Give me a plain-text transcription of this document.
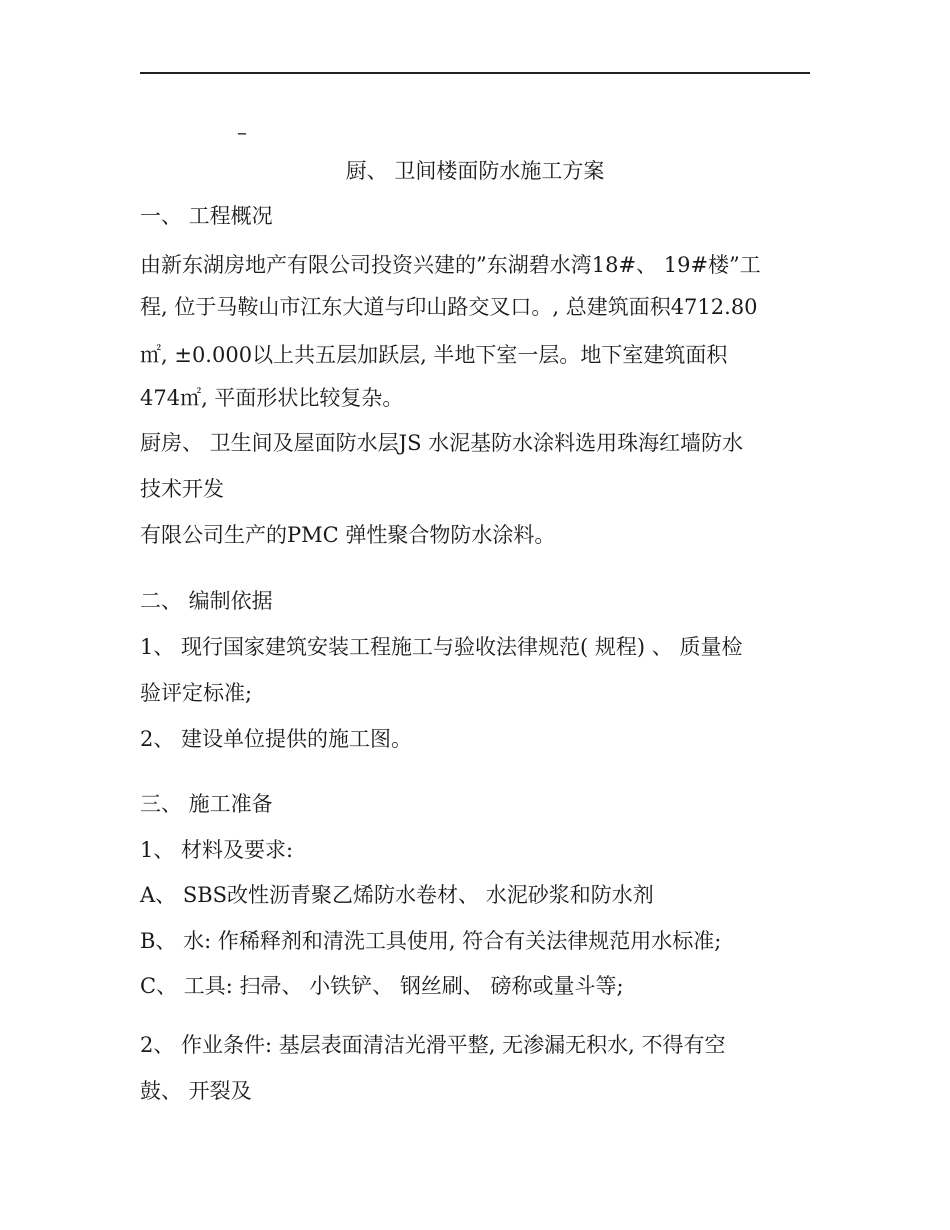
–
厨、 卫间楼面防水施工方案
一、 工程概况
由新东湖房地产有限公司投资兴建的”东湖碧水湾18#、 19#楼”工
程, 位于马鞍山市江东大道与印山路交叉口。, 总建筑面积4712.80
㎡, ±0.000以上共五层加跃层, 半地下室一层。地下室建筑面积
474㎡, 平面形状比较复杂。
厨房、 卫生间及屋面防水层JS 水泥基防水涂料选用珠海红墙防水
技术开发
有限公司生产的PMC 弹性聚合物防水涂料。
二、 编制依据
1、 现行国家建筑安装工程施工与验收法律规范( 规程) 、 质量检
验评定标准;
2、 建设单位提供的施工图。
三、 施工准备
1、 材料及要求:
A、 SBS改性沥青聚乙烯防水卷材、 水泥砂浆和防水剂
B、 水: 作稀释剂和清洗工具使用, 符合有关法律规范用水标准;
C、 工具: 扫帚、 小铁铲、 钢丝刷、 磅称或量斗等;
2、 作业条件: 基层表面清洁光滑平整, 无渗漏无积水, 不得有空
鼓、 开裂及
